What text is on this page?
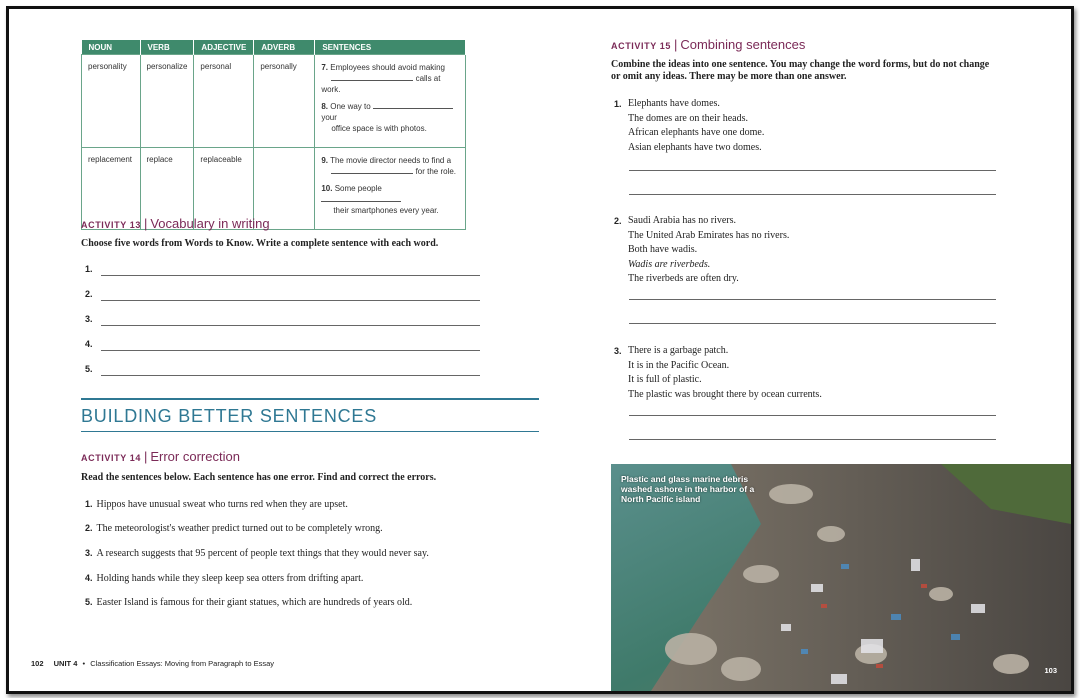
NOUN	VERB	ADJECTIVE	ADVERB	SENTENCES
personality	personalize	personal	personally	7. Employees should avoid making
calls at work.
8. One way to  your
office space is with photos.

replacement	replace	replaceable		9. The movie director needs to find a
for the role.
10. Some people
their smartphones every year.
ACTIVITY 13 | Vocabulary in writing
Choose five words from Words to Know. Write a complete sentence with each word.
1.
2.
3.
4.
5.
BUILDING BETTER SENTENCES
ACTIVITY 14 | Error correction
Read the sentences below. Each sentence has one error. Find and correct the errors.
1. Hippos have unusual sweat who turns red when they are upset.
2. The meteorologist's weather predict turned out to be completely wrong.
3. A research suggests that 95 percent of people text things that they would never say.
4. Holding hands while they sleep keep sea otters from drifting apart.
5. Easter Island is famous for their giant statues, which are hundreds of years old.
102 UNIT 4 • Classification Essays: Moving from Paragraph to Essay
ACTIVITY 15 | Combining sentences
Combine the ideas into one sentence. You may change the word forms, but do not change or omit any ideas. There may be more than one answer.
1. Elephants have domes.
The domes are on their heads.
African elephants have one dome.
Asian elephants have two domes.
2. Saudi Arabia has no rivers.
The United Arab Emirates has no rivers.
Both have wadis.
Wadis are riverbeds.
The riverbeds are often dry.
3. There is a garbage patch.
It is in the Pacific Ocean.
It is full of plastic.
The plastic was brought there by ocean currents.
Plastic and glass marine debris washed ashore in the harbor of a North Pacific island
103
